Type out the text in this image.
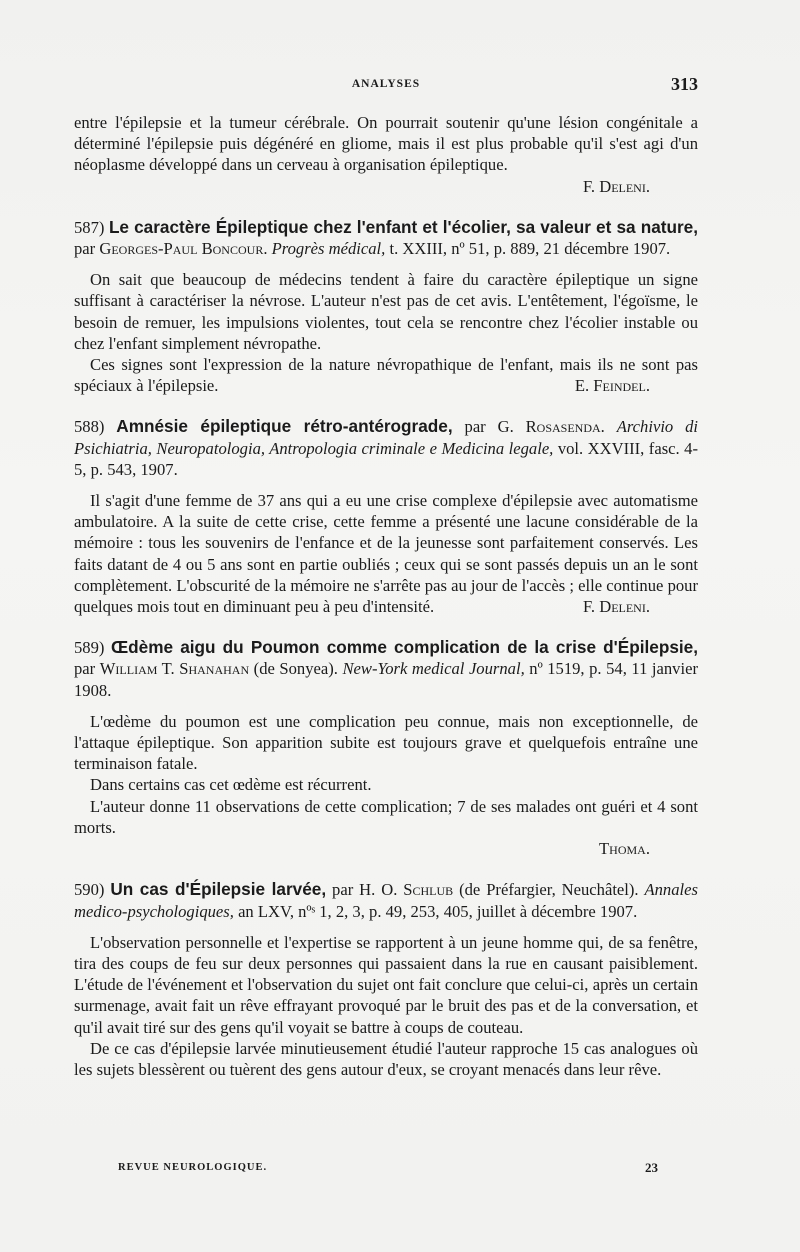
ANALYSES	313

entre l'épilepsie et la tumeur cérébrale. On pourrait soutenir qu'une lésion congénitale a déterminé l'épilepsie puis dégénéré en gliome, mais il est plus probable qu'il s'est agi d'un néoplasme développé dans un cerveau à organisation épileptique.

F. Deleni.

587) Le caractère Épileptique chez l'enfant et l'écolier, sa valeur et sa nature, par Georges-Paul Boncour. Progrès médical, t. XXIII, nº 51, p. 889, 21 décembre 1907.

On sait que beaucoup de médecins tendent à faire du caractère épileptique un signe suffisant à caractériser la névrose. L'auteur n'est pas de cet avis. L'entêtement, l'égoïsme, le besoin de remuer, les impulsions violentes, tout cela se rencontre chez l'écolier instable ou chez l'enfant simplement névropathe.

Ces signes sont l'expression de la nature névropathique de l'enfant, mais ils ne sont pas spéciaux à l'épilepsie.	E. Feindel.

588) Amnésie épileptique rétro-antérograde, par G. Rosasenda. Archivio di Psichiatria, Neuropatologia, Antropologia criminale e Medicina legale, vol. XXVIII, fasc. 4-5, p. 543, 1907.

Il s'agit d'une femme de 37 ans qui a eu une crise complexe d'épilepsie avec automatisme ambulatoire. A la suite de cette crise, cette femme a présenté une lacune considérable de la mémoire : tous les souvenirs de l'enfance et de la jeunesse sont parfaitement conservés. Les faits datant de 4 ou 5 ans sont en partie oubliés ; ceux qui se sont passés depuis un an le sont complètement. L'obscurité de la mémoire ne s'arrête pas au jour de l'accès ; elle continue pour quelques mois tout en diminuant peu à peu d'intensité.	F. Deleni.

589) Œdème aigu du Poumon comme complication de la crise d'Épilepsie, par William T. Shanahan (de Sonyea). New-York medical Journal, nº 1519, p. 54, 11 janvier 1908.

L'œdème du poumon est une complication peu connue, mais non exceptionnelle, de l'attaque épileptique. Son apparition subite est toujours grave et quelquefois entraîne une terminaison fatale.

Dans certains cas cet œdème est récurrent.

L'auteur donne 11 observations de cette complication; 7 de ses malades ont guéri et 4 sont morts.

Thoma.

590) Un cas d'Épilepsie larvée, par H. O. Schlub (de Préfargier, Neuchâtel). Annales medico-psychologiques, an LXV, nºˢ 1, 2, 3, p. 49, 253, 405, juillet à décembre 1907.

L'observation personnelle et l'expertise se rapportent à un jeune homme qui, de sa fenêtre, tira des coups de feu sur deux personnes qui passaient dans la rue en causant paisiblement. L'étude de l'événement et l'observation du sujet ont fait conclure que celui-ci, après un certain surmenage, avait fait un rêve effrayant provoqué par le bruit des pas et de la conversation, et qu'il avait tiré sur des gens qu'il voyait se battre à coups de couteau.

De ce cas d'épilepsie larvée minutieusement étudié l'auteur rapproche 15 cas analogues où les sujets blessèrent ou tuèrent des gens autour d'eux, se croyant menacés dans leur rêve.

REVUE NEUROLOGIQUE.	23
